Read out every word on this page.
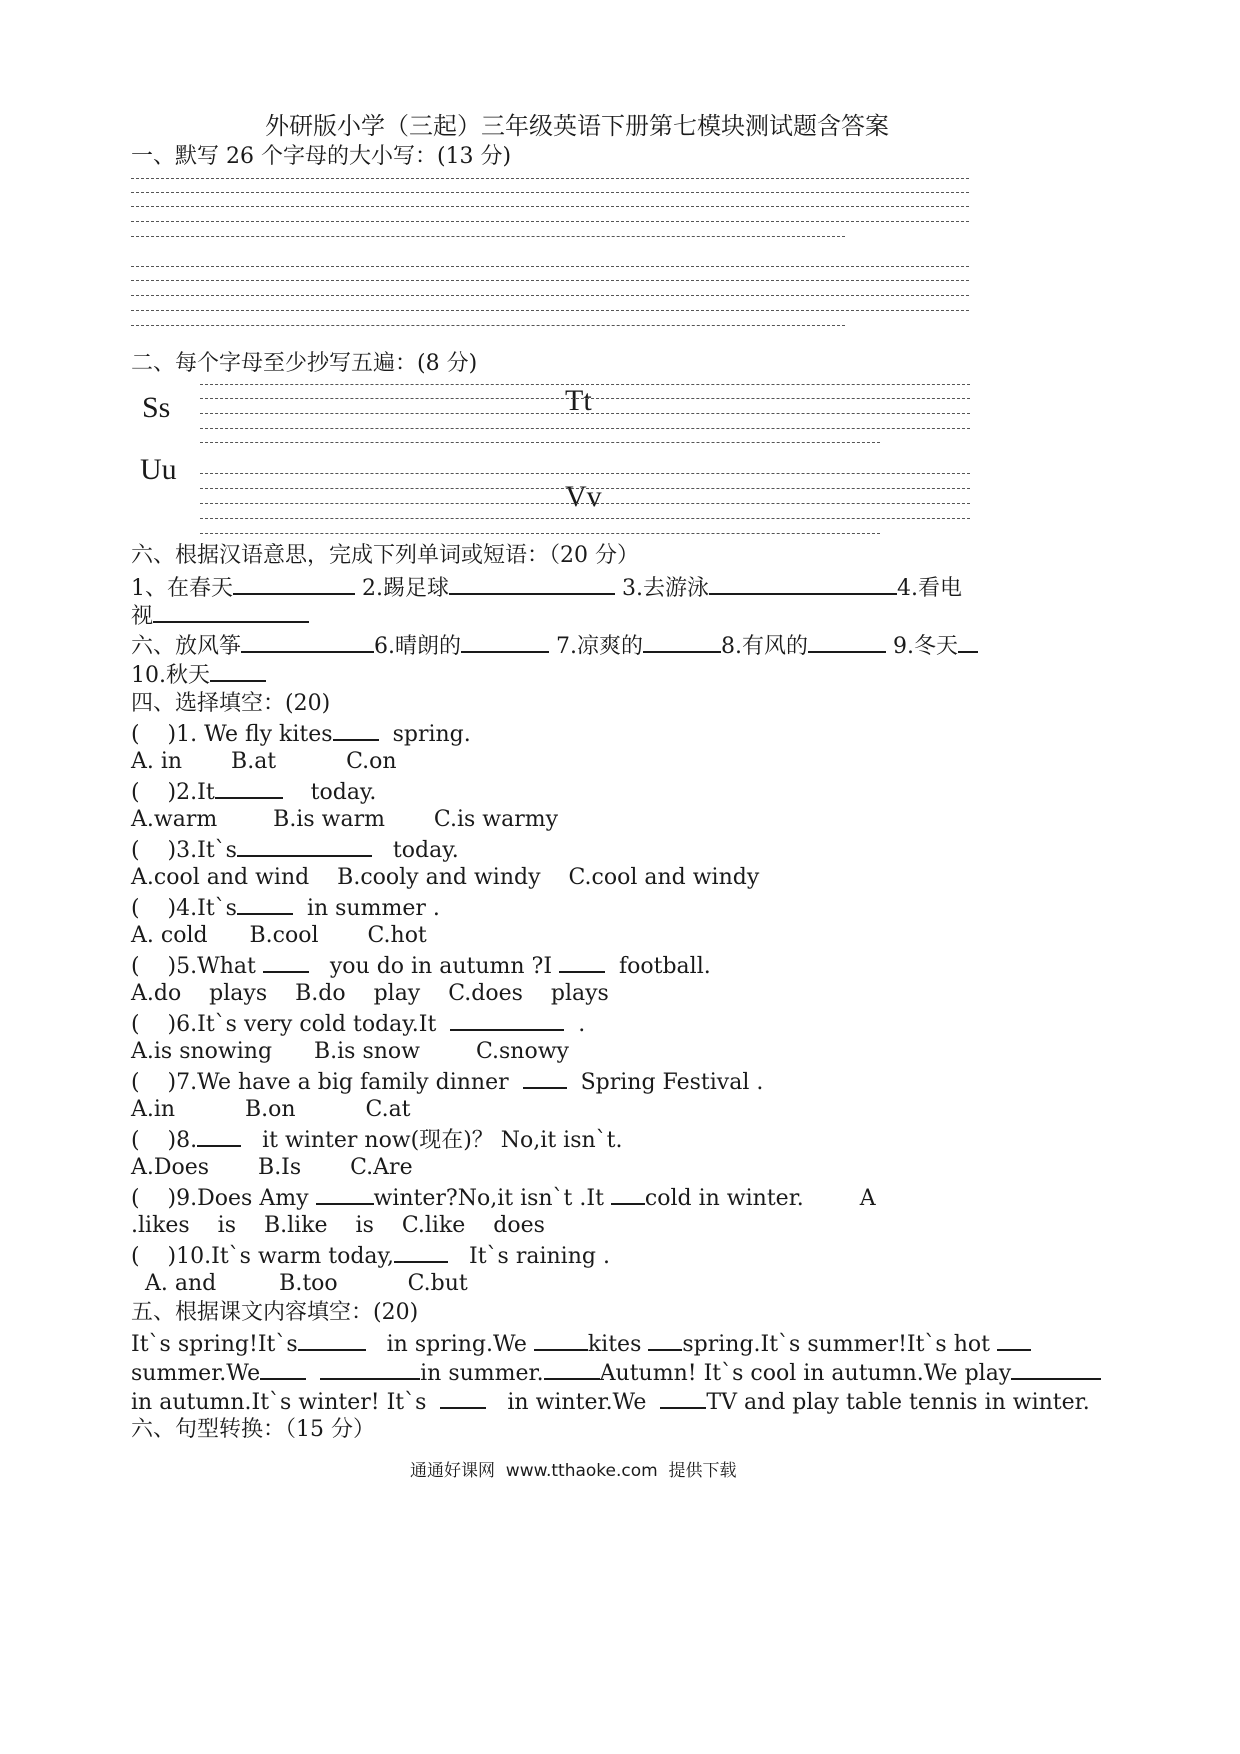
外研版小学（三起）三年级英语下册第七模块测试题含答案
一、默写 26 个字母的大小写：(13 分)
二、每个字母至少抄写五遍：(8 分)
Ss	Tt
Uu
Vv
六、根据汉语意思，完成下列单词或短语：（20 分）
1、在春天	2.踢足球	3.去游泳	4.看电
视
六、放风筝	6.晴朗的	7.凉爽的	8.有风的	9.冬天
10.秋天
四、选择填空：(20)
(    )1. We fly kites  spring.
A. in       B.at          C.on
(    )2.It	today.
A.warm        B.is warm       C.is warmy
(    )3.It`s	today.
A.cool and wind    B.cooly and windy    C.cool and windy
(    )4.It`s	in summer .
A. cold      B.cool       C.hot
(    )5.What    you do in autumn ?I   football.
A.do    plays    B.do    play    C.does    plays
(    )6.It`s very cold today.It	.
A.is snowing      B.is snow        C.snowy
(    )7.We have a big family dinner    Spring Festival .
A.in          B.on          C.at
(    )8.   it winter now(现在)？ No,it isn`t.
A.Does       B.Is       C.Are
(    )9.Does Amy	winter?No,it isn`t .It cold in winter.        A
.likes    is    B.like    is    C.like    does
(    )10.It`s warm today,   It`s raining .
A. and         B.too          C.but
五、根据课文内容填空：(20)
It`s spring!It`s	in spring.We kites spring.It`s summer!It`s hot
summer.We	in summer.	Autumn! It`s cool in autumn.We play
in autumn.It`s winter! It`s     in winter.We  TV and play table tennis in winter.
六、句型转换：（15 分）
通通好课网  www.tthaoke.com  提供下载
